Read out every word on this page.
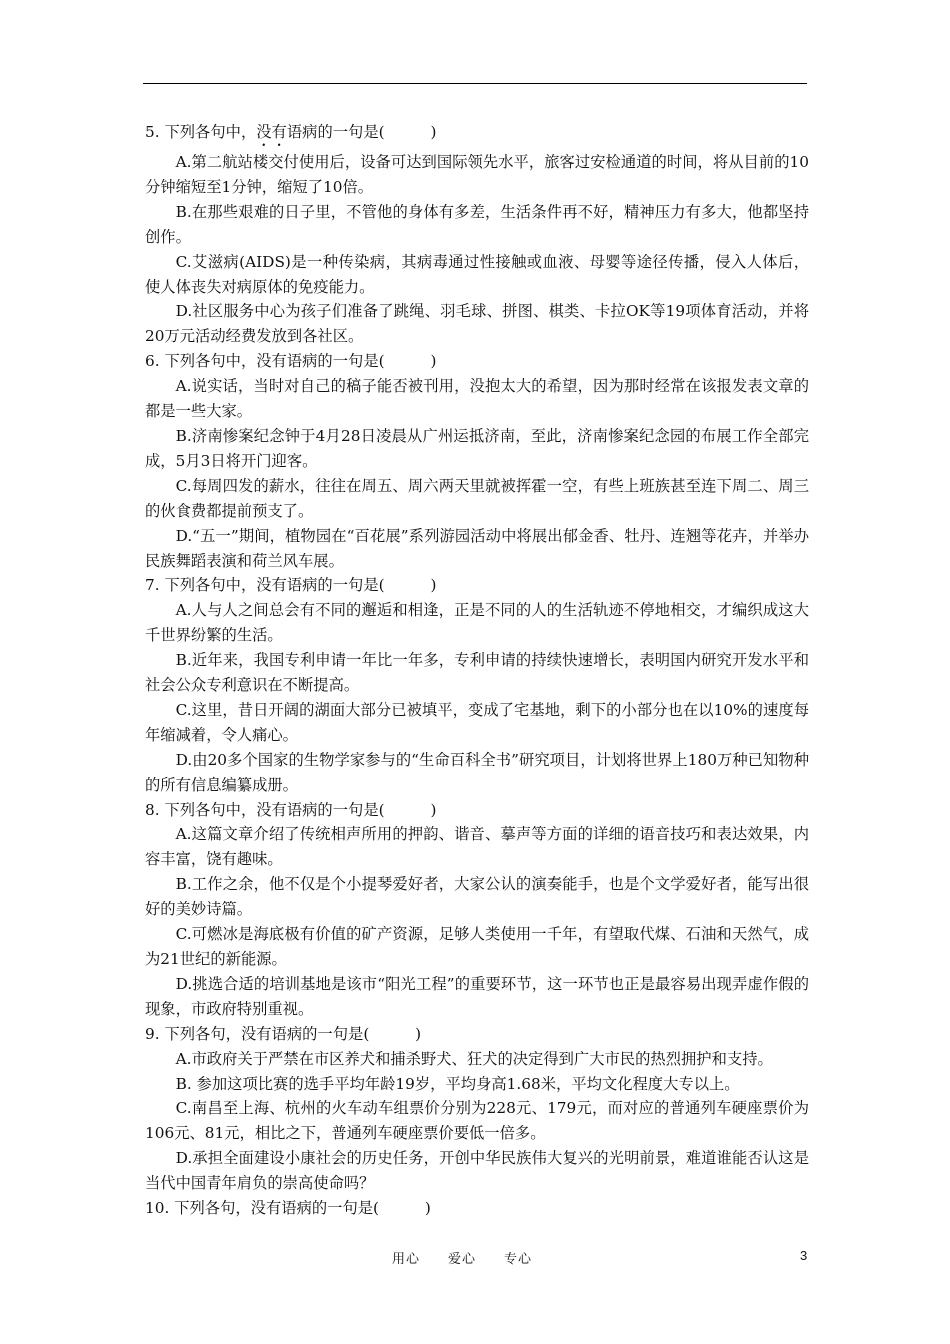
5. 下列各句中，没有语病的一句是(　　　)

A.第二航站楼交付使用后，设备可达到国际领先水平，旅客过安检通道的时间，将从目前的10分钟缩短至1分钟，缩短了10倍。

B.在那些艰难的日子里，不管他的身体有多差，生活条件再不好，精神压力有多大，他都坚持创作。

C.艾滋病(AIDS)是一种传染病，其病毒通过性接触或血液、母婴等途径传播，侵入人体后，使人体丧失对病原体的免疫能力。

D.社区服务中心为孩子们准备了跳绳、羽毛球、拼图、棋类、卡拉OK等19项体育活动，并将20万元活动经费发放到各社区。

6. 下列各句中，没有语病的一句是(　　　)

A.说实话，当时对自己的稿子能否被刊用，没抱太大的希望，因为那时经常在该报发表文章的都是一些大家。

B.济南惨案纪念钟于4月28日凌晨从广州运抵济南，至此，济南惨案纪念园的布展工作全部完成，5月3日将开门迎客。

C.每周四发的薪水，往往在周五、周六两天里就被挥霍一空，有些上班族甚至连下周二、周三的伙食费都提前预支了。

D.“五一”期间，植物园在“百花展”系列游园活动中将展出郁金香、牡丹、连翘等花卉，并举办民族舞蹈表演和荷兰风车展。

7. 下列各句中，没有语病的一句是(　　　)

A.人与人之间总会有不同的邂逅和相逢，正是不同的人的生活轨迹不停地相交，才编织成这大千世界纷繁的生活。

B.近年来，我国专利申请一年比一年多，专利申请的持续快速增长，表明国内研究开发水平和社会公众专利意识在不断提高。

C.这里，昔日开阔的湖面大部分已被填平，变成了宅基地，剩下的小部分也在以10%的速度每年缩减着，令人痛心。

D.由20多个国家的生物学家参与的“生命百科全书”研究项目，计划将世界上180万种已知物种的所有信息编纂成册。

8. 下列各句中，没有语病的一句是(　　　)

A.这篇文章介绍了传统相声所用的押韵、谐音、摹声等方面的详细的语音技巧和表达效果，内容丰富，饶有趣味。

B.工作之余，他不仅是个小提琴爱好者，大家公认的演奏能手，也是个文学爱好者，能写出很好的美妙诗篇。

C.可燃冰是海底极有价值的矿产资源，足够人类使用一千年，有望取代煤、石油和天然气，成为21世纪的新能源。

D.挑选合适的培训基地是该市“阳光工程”的重要环节，这一环节也正是最容易出现弄虚作假的现象，市政府特别重视。

9. 下列各句，没有语病的一句是(　　　)

A.市政府关于严禁在市区养犬和捕杀野犬、狂犬的决定得到广大市民的热烈拥护和支持。

B. 参加这项比赛的选手平均年龄19岁，平均身高1.68米，平均文化程度大专以上。

C.南昌至上海、杭州的火车动车组票价分别为228元、179元，而对应的普通列车硬座票价为106元、81元，相比之下，普通列车硬座票价要低一倍多。

D.承担全面建设小康社会的历史任务，开创中华民族伟大复兴的光明前景，难道谁能否认这是当代中国青年肩负的崇高使命吗？

10. 下列各句，没有语病的一句是(　　　)

用心　　爱心　　专心	3
